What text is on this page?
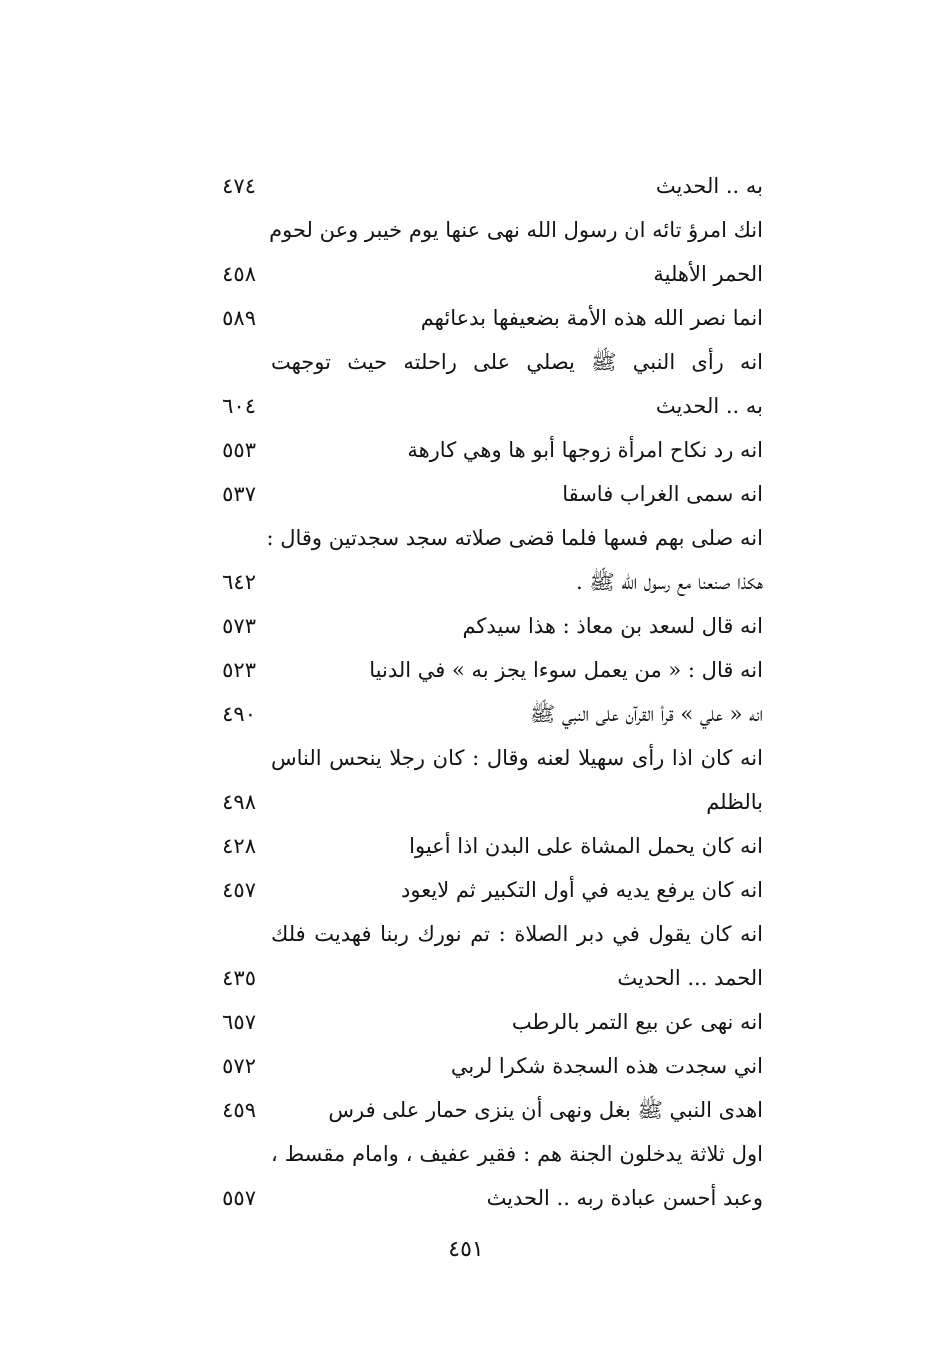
به .. الحديث
٤٧٤
انك امرؤ تائه ان رسول الله نهى عنها يوم خيبر وعن لحوم
الحمر الأهلية
٤٥٨
انما نصر الله هذه الأمة بضعيفها بدعائهم
٥٨٩
انه رأى النبي ﷺ يصلي على راحلته حيث توجهت
به .. الحديث
٦٠٤
انه رد نكاح امرأة زوجها أبو ها وهي كارهة
٥٥٣
انه سمى الغراب فاسقا
٥٣٧
انه صلى بهم فسها فلما قضى صلاته سجد سجدتين وقال :
هكذا صنعنا مع رسول الله ﷺ .
٦٤٢
انه قال لسعد بن معاذ : هذا سيدكم
٥٧٣
انه قال : « من يعمل سوءا يجز به » في الدنيا
٥٢٣
انه « علي » قرأ القرآن على النبي ﷺ
٤٩٠
انه كان اذا رأى سهيلا لعنه وقال : كان رجلا ينحس الناس
بالظلم
٤٩٨
انه كان يحمل المشاة على البدن اذا أعيوا
٤٢٨
انه كان يرفع يديه في أول التكبير ثم لايعود
٤٥٧
انه كان يقول في دبر الصلاة : تم نورك ربنا فهديت فلك
الحمد ... الحديث
٤٣٥
انه نهى عن بيع التمر بالرطب
٦٥٧
اني سجدت هذه السجدة شكرا لربي
٥٧٢
اهدى النبي ﷺ بغل ونهى أن ينزى حمار على فرس
٤٥٩
اول ثلاثة يدخلون الجنة هم : فقير عفيف ، وامام مقسط ،
وعبد أحسن عبادة ربه .. الحديث
٥٥٧
٤٥١
